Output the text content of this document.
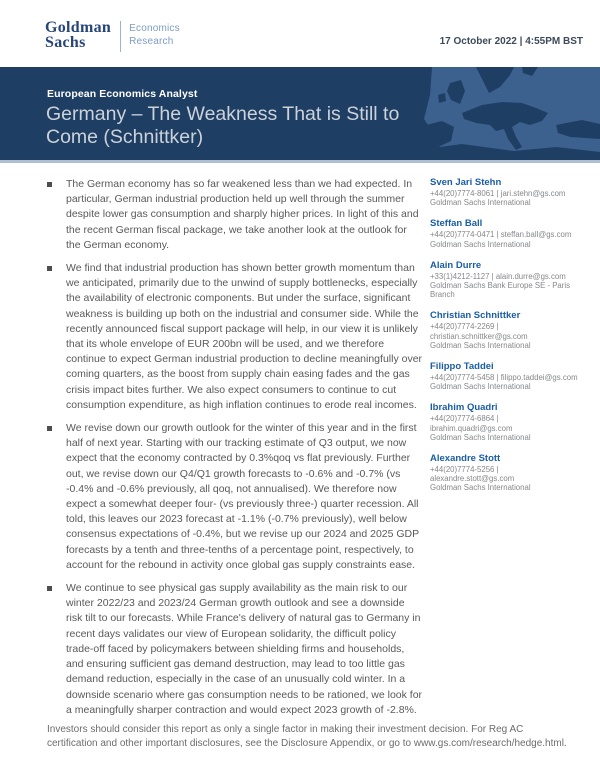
Goldman
Sachs
Economics
Research	17 October 2022 | 4:55PM BST
European Economics Analyst
Germany – The Weakness That is Still to Come (Schnittker)
The German economy has so far weakened less than we had expected. In particular, German industrial production held up well through the summer despite lower gas consumption and sharply higher prices. In light of this and the recent German fiscal package, we take another look at the outlook for the German economy.
We find that industrial production has shown better growth momentum than we anticipated, primarily due to the unwind of supply bottlenecks, especially the availability of electronic components. But under the surface, significant weakness is building up both on the industrial and consumer side. While the recently announced fiscal support package will help, in our view it is unlikely that its whole envelope of EUR 200bn will be used, and we therefore continue to expect German industrial production to decline meaningfully over coming quarters, as the boost from supply chain easing fades and the gas crisis impact bites further. We also expect consumers to continue to cut consumption expenditure, as high inflation continues to erode real incomes.
We revise down our growth outlook for the winter of this year and in the first half of next year. Starting with our tracking estimate of Q3 output, we now expect that the economy contracted by 0.3%qoq vs flat previously. Further out, we revise down our Q4/Q1 growth forecasts to -0.6% and -0.7% (vs -0.4% and -0.6% previously, all qoq, not annualised). We therefore now expect a somewhat deeper four- (vs previously three-) quarter recession. All told, this leaves our 2023 forecast at -1.1% (-0.7% previously), well below consensus expectations of -0.4%, but we revise up our 2024 and 2025 GDP forecasts by a tenth and three-tenths of a percentage point, respectively, to account for the rebound in activity once global gas supply constraints ease.
We continue to see physical gas supply availability as the main risk to our winter 2022/23 and 2023/24 German growth outlook and see a downside risk tilt to our forecasts. While France's delivery of natural gas to Germany in recent days validates our view of European solidarity, the difficult policy trade-off faced by policymakers between shielding firms and households, and ensuring sufficient gas demand destruction, may lead to too little gas demand reduction, especially in the case of an unusually cold winter. In a downside scenario where gas consumption needs to be rationed, we look for a meaningfully sharper contraction and would expect 2023 growth of -2.8%.
Sven Jari Stehn
+44(20)7774-8061 | jari.stehn@gs.com
Goldman Sachs International
Steffan Ball
+44(20)7774-0471 | steffan.ball@gs.com
Goldman Sachs International
Alain Durre
+33(1)4212-1127 | alain.durre@gs.com
Goldman Sachs Bank Europe SE - Paris Branch
Christian Schnittker
+44(20)7774-2269 | christian.schnittker@gs.com
Goldman Sachs International
Filippo Taddei
+44(20)7774-5458 | filippo.taddei@gs.com
Goldman Sachs International
Ibrahim Quadri
+44(20)7774-6864 | ibrahim.quadri@gs.com
Goldman Sachs International
Alexandre Stott
+44(20)7774-5256 | alexandre.stott@gs.com
Goldman Sachs International
Investors should consider this report as only a single factor in making their investment decision. For Reg AC certification and other important disclosures, see the Disclosure Appendix, or go to www.gs.com/research/hedge.html.
